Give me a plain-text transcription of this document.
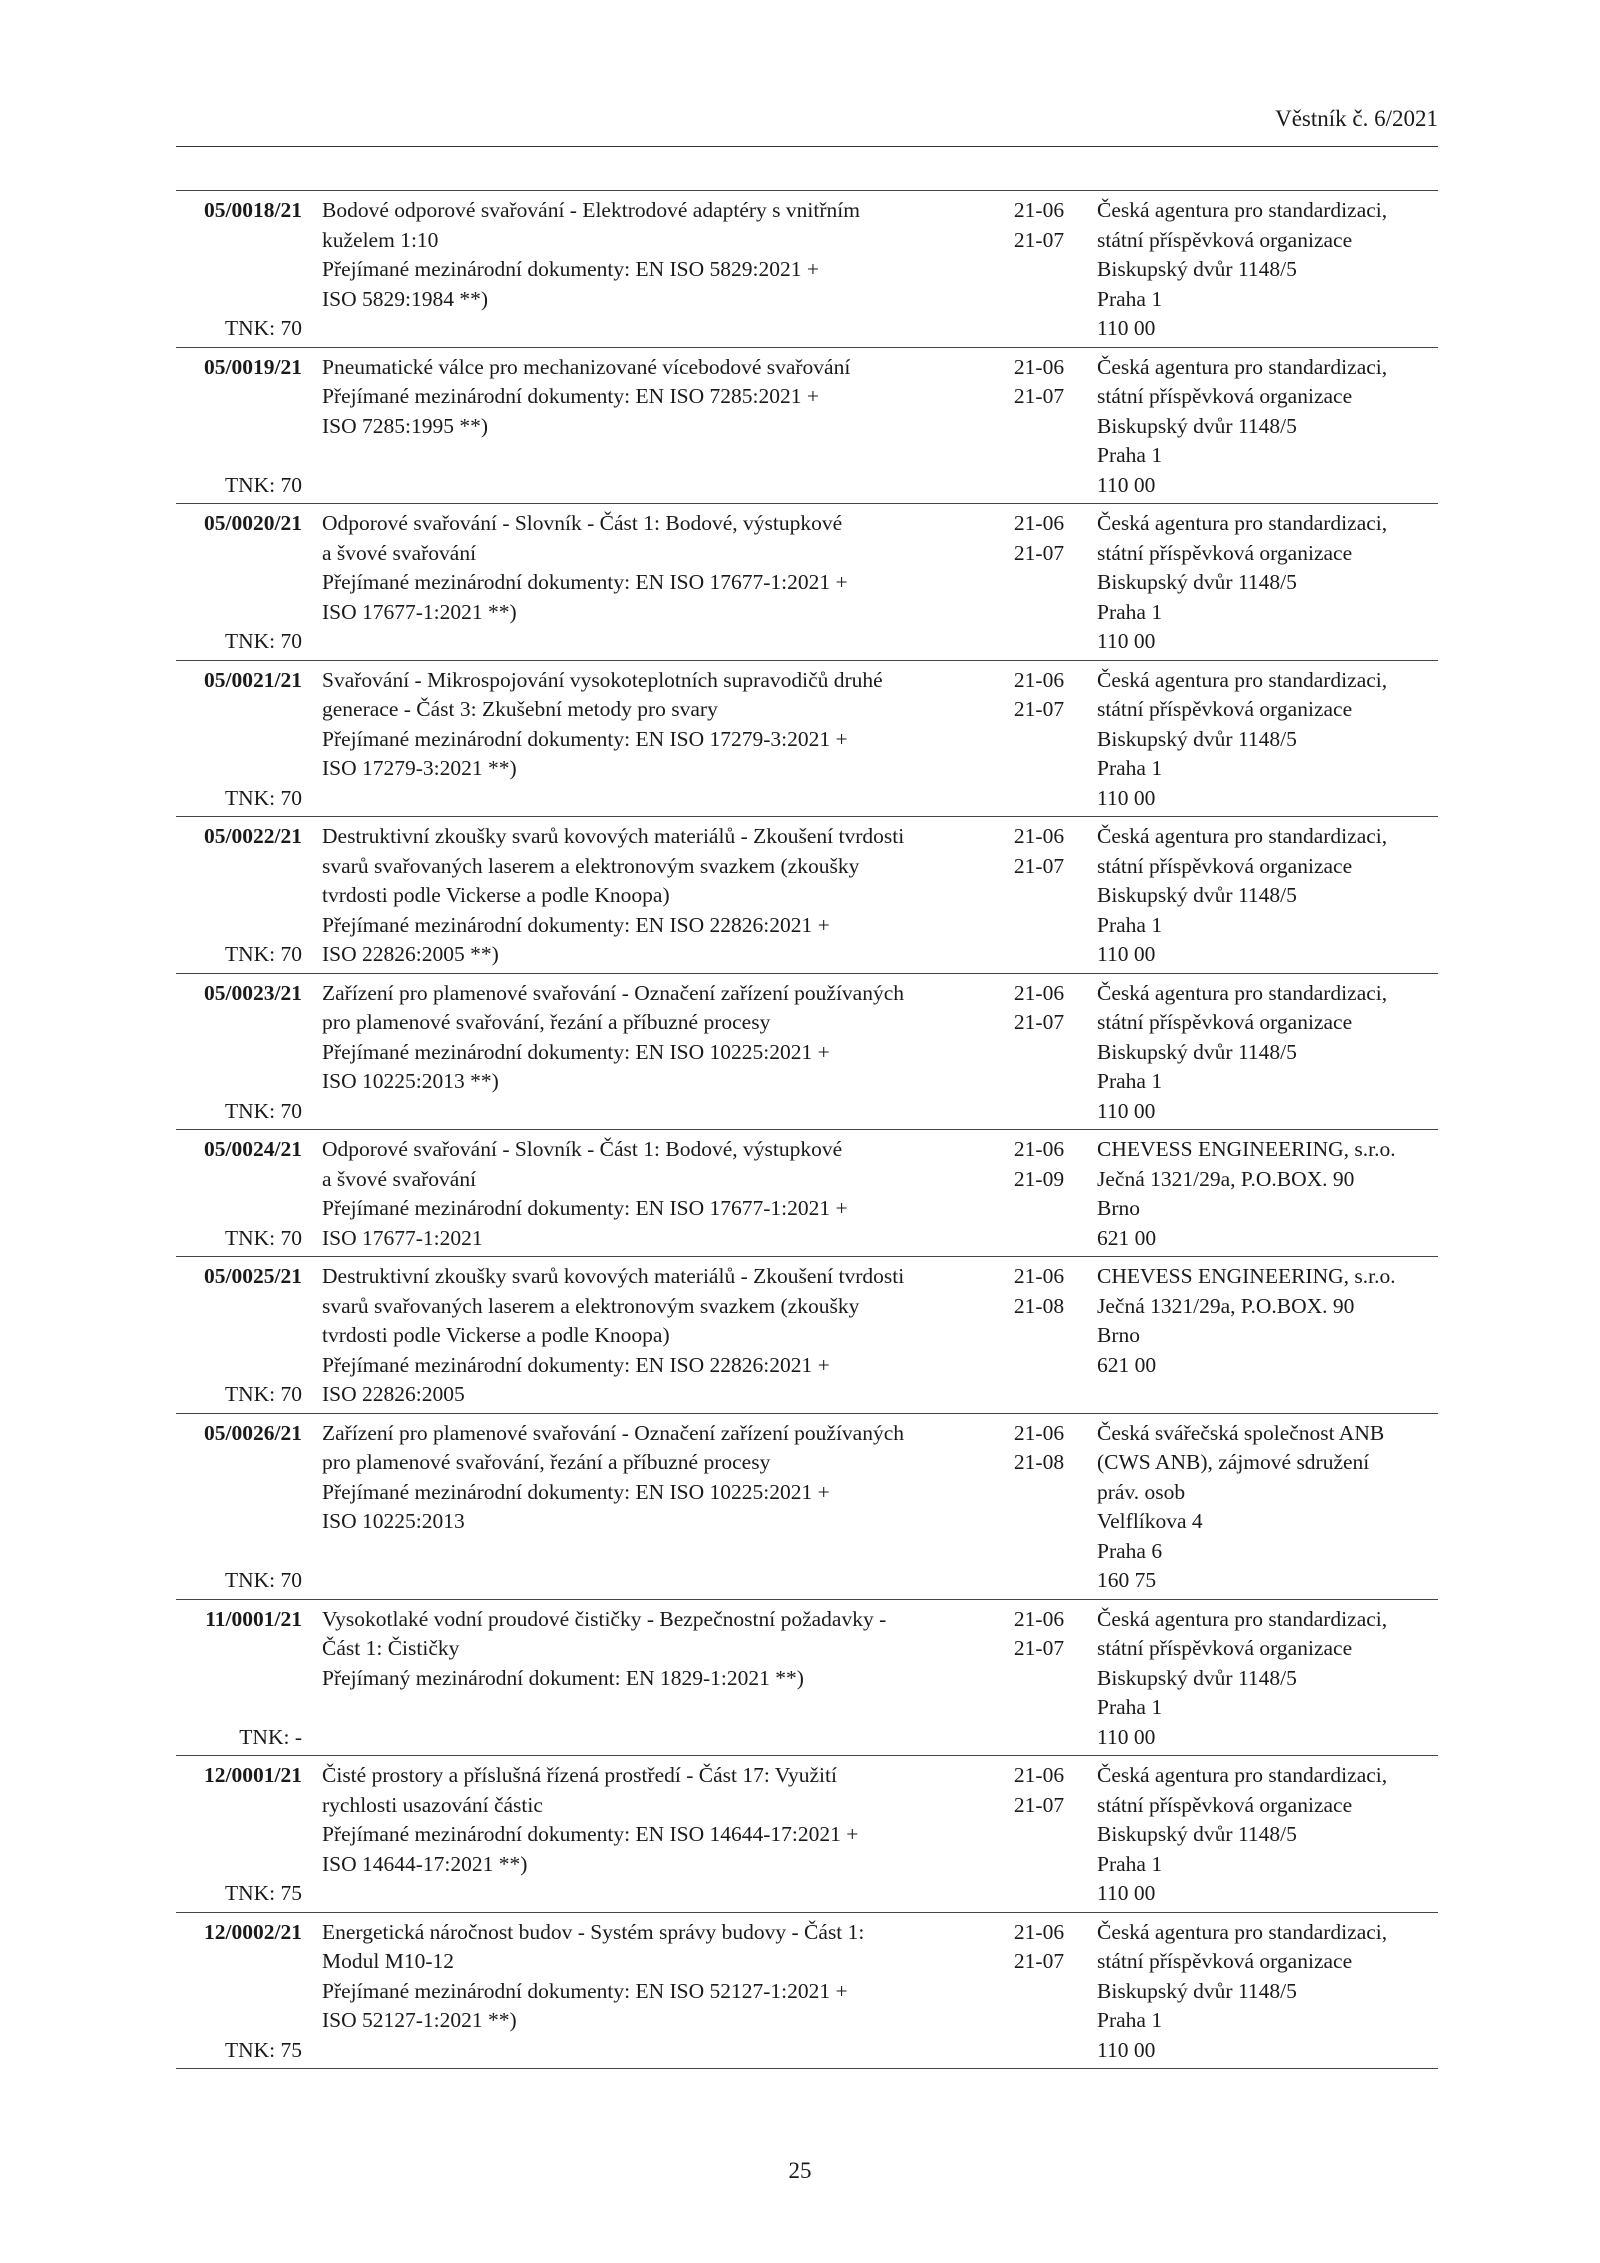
Věstník č. 6/2021
05/0018/21
TNK: 70
Bodové odporové svařování - Elektrodové adaptéry s vnitřním
kuželem 1:10
Přejímané mezinárodní dokumenty: EN ISO 5829:2021 +
ISO 5829:1984 **)
21-06
21-07
Česká agentura pro standardizaci,
státní příspěvková organizace
Biskupský dvůr 1148/5
Praha 1
110 00
05/0019/21
TNK: 70
Pneumatické válce pro mechanizované vícebodové svařování
Přejímané mezinárodní dokumenty: EN ISO 7285:2021 +
ISO 7285:1995 **)
21-06
21-07
Česká agentura pro standardizaci,
státní příspěvková organizace
Biskupský dvůr 1148/5
Praha 1
110 00
05/0020/21
TNK: 70
Odporové svařování - Slovník - Část 1: Bodové, výstupkové
a švové svařování
Přejímané mezinárodní dokumenty: EN ISO 17677-1:2021 +
ISO 17677-1:2021 **)
21-06
21-07
Česká agentura pro standardizaci,
státní příspěvková organizace
Biskupský dvůr 1148/5
Praha 1
110 00
05/0021/21
TNK: 70
Svařování - Mikrospojování vysokoteplotních supravodičů druhé
generace - Část 3: Zkušební metody pro svary
Přejímané mezinárodní dokumenty: EN ISO 17279-3:2021 +
ISO 17279-3:2021 **)
21-06
21-07
Česká agentura pro standardizaci,
státní příspěvková organizace
Biskupský dvůr 1148/5
Praha 1
110 00
05/0022/21
TNK: 70
Destruktivní zkoušky svarů kovových materiálů - Zkoušení tvrdosti
svarů svařovaných laserem a elektronovým svazkem (zkoušky
tvrdosti podle Vickerse a podle Knoopa)
Přejímané mezinárodní dokumenty: EN ISO 22826:2021 +
ISO 22826:2005 **)
21-06
21-07
Česká agentura pro standardizaci,
státní příspěvková organizace
Biskupský dvůr 1148/5
Praha 1
110 00
05/0023/21
TNK: 70
Zařízení pro plamenové svařování - Označení zařízení používaných
pro plamenové svařování, řezání a příbuzné procesy
Přejímané mezinárodní dokumenty: EN ISO 10225:2021 +
ISO 10225:2013 **)
21-06
21-07
Česká agentura pro standardizaci,
státní příspěvková organizace
Biskupský dvůr 1148/5
Praha 1
110 00
05/0024/21
TNK: 70
Odporové svařování - Slovník - Část 1: Bodové, výstupkové
a švové svařování
Přejímané mezinárodní dokumenty: EN ISO 17677-1:2021 +
ISO 17677-1:2021
21-06
21-09
CHEVESS ENGINEERING, s.r.o.
Ječná 1321/29a, P.O.BOX. 90
Brno
621 00
05/0025/21
TNK: 70
Destruktivní zkoušky svarů kovových materiálů - Zkoušení tvrdosti
svarů svařovaných laserem a elektronovým svazkem (zkoušky
tvrdosti podle Vickerse a podle Knoopa)
Přejímané mezinárodní dokumenty: EN ISO 22826:2021 +
ISO 22826:2005
21-06
21-08
CHEVESS ENGINEERING, s.r.o.
Ječná 1321/29a, P.O.BOX. 90
Brno
621 00
05/0026/21
TNK: 70
Zařízení pro plamenové svařování - Označení zařízení používaných
pro plamenové svařování, řezání a příbuzné procesy
Přejímané mezinárodní dokumenty: EN ISO 10225:2021 +
ISO 10225:2013
21-06
21-08
Česká svářečská společnost ANB
(CWS ANB), zájmové sdružení
práv. osob
Velflíkova 4
Praha 6
160 75
11/0001/21
TNK: -
Vysokotlaké vodní proudové čističky - Bezpečnostní požadavky -
Část 1: Čističky
Přejímaný mezinárodní dokument: EN 1829-1:2021 **)
21-06
21-07
Česká agentura pro standardizaci,
státní příspěvková organizace
Biskupský dvůr 1148/5
Praha 1
110 00
12/0001/21
TNK: 75
Čisté prostory a příslušná řízená prostředí - Část 17: Využití
rychlosti usazování částic
Přejímané mezinárodní dokumenty: EN ISO 14644-17:2021 +
ISO 14644-17:2021 **)
21-06
21-07
Česká agentura pro standardizaci,
státní příspěvková organizace
Biskupský dvůr 1148/5
Praha 1
110 00
12/0002/21
TNK: 75
Energetická náročnost budov - Systém správy budovy - Část 1:
Modul M10-12
Přejímané mezinárodní dokumenty: EN ISO 52127-1:2021 +
ISO 52127-1:2021 **)
21-06
21-07
Česká agentura pro standardizaci,
státní příspěvková organizace
Biskupský dvůr 1148/5
Praha 1
110 00
25
